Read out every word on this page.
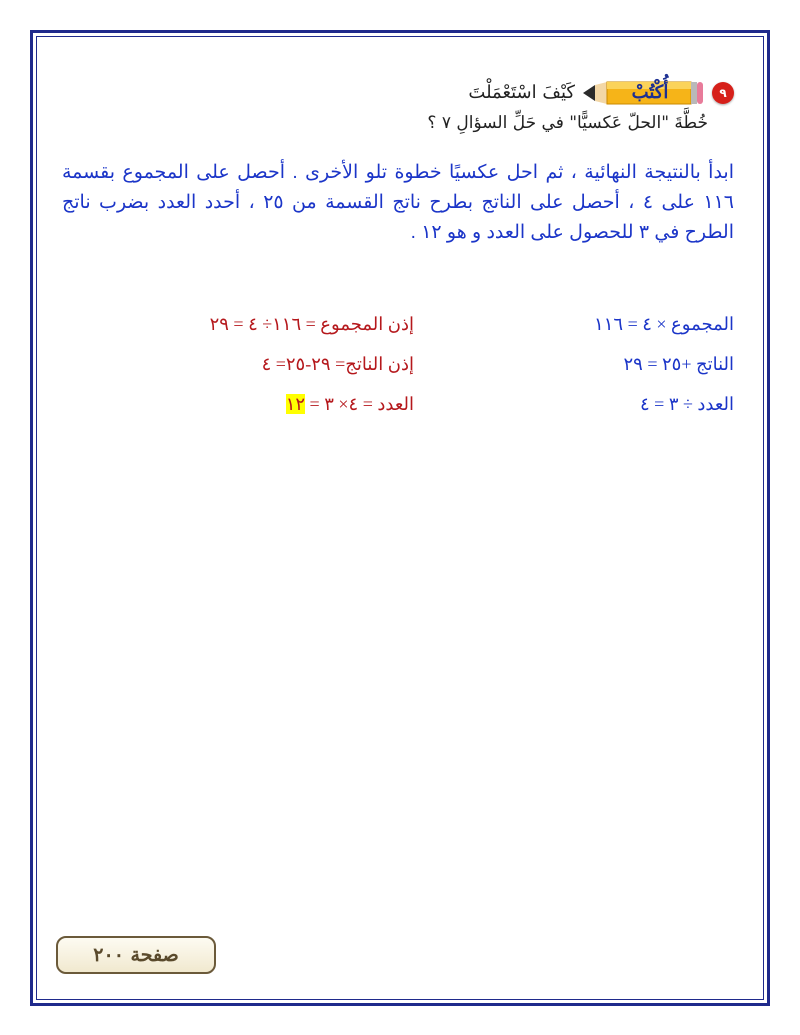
٩
أُكْتُبْ
كَيْفَ اسْتَعْمَلْتَ
خُطَّةَ "الحلّ عَكسيًّا" في حَلِّ السؤالِ ٧ ؟
ابدأ بالنتيجة النهائية ، ثم احل عكسيًا خطوة تلو الأخرى . أحصل على المجموع بقسمة ١١٦ على ٤ ، أحصل على الناتج بطرح ناتج القسمة من ٢٥ ، أحدد العدد بضرب ناتج الطرح في ٣ للحصول على العدد و هو ١٢ .
المجموع × ٤ = ١١٦
الناتج +٢٥ = ٢٩
العدد ÷ ٣ = ٤
إذن المجموع = ١١٦÷ ٤ = ٢٩
إذن الناتج= ٢٩-٢٥= ٤
العدد = ٤× ٣ = ١٢
صفحة ٢٠٠
